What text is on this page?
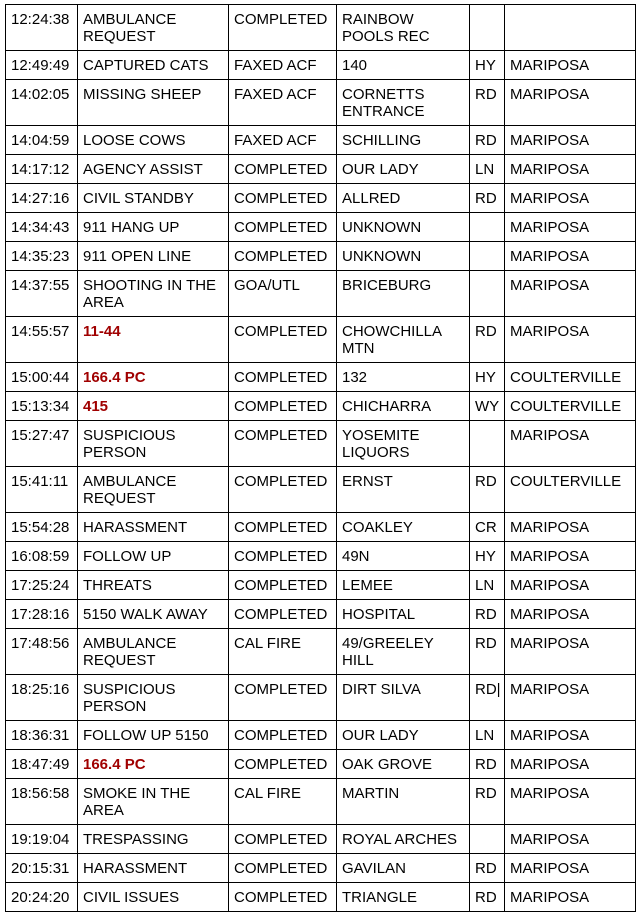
12:24:38	AMBULANCE REQUEST	COMPLETED	RAINBOW POOLS REC		
12:49:49	CAPTURED CATS	FAXED ACF	140	HY	MARIPOSA
14:02:05	MISSING SHEEP	FAXED ACF	CORNETTS ENTRANCE	RD	MARIPOSA
14:04:59	LOOSE COWS	FAXED ACF	SCHILLING	RD	MARIPOSA
14:17:12	AGENCY ASSIST	COMPLETED	OUR LADY	LN	MARIPOSA
14:27:16	CIVIL STANDBY	COMPLETED	ALLRED	RD	MARIPOSA
14:34:43	911 HANG UP	COMPLETED	UNKNOWN		MARIPOSA
14:35:23	911 OPEN LINE	COMPLETED	UNKNOWN		MARIPOSA
14:37:55	SHOOTING IN THE AREA	GOA/UTL	BRICEBURG		MARIPOSA
14:55:57	11-44	COMPLETED	CHOWCHILLA MTN	RD	MARIPOSA
15:00:44	166.4 PC	COMPLETED	132	HY	COULTERVILLE
15:13:34	415	COMPLETED	CHICHARRA	WY	COULTERVILLE
15:27:47	SUSPICIOUS PERSON	COMPLETED	YOSEMITE LIQUORS		MARIPOSA
15:41:11	AMBULANCE REQUEST	COMPLETED	ERNST	RD	COULTERVILLE
15:54:28	HARASSMENT	COMPLETED	COAKLEY	CR	MARIPOSA
16:08:59	FOLLOW UP	COMPLETED	49N	HY	MARIPOSA
17:25:24	THREATS	COMPLETED	LEMEE	LN	MARIPOSA
17:28:16	5150 WALK AWAY	COMPLETED	HOSPITAL	RD	MARIPOSA
17:48:56	AMBULANCE REQUEST	CAL FIRE	49/GREELEY HILL	RD	MARIPOSA
18:25:16	SUSPICIOUS PERSON	COMPLETED	DIRT SILVA	RD|	MARIPOSA
18:36:31	FOLLOW UP 5150	COMPLETED	OUR LADY	LN	MARIPOSA
18:47:49	166.4 PC	COMPLETED	OAK GROVE	RD	MARIPOSA
18:56:58	SMOKE IN THE AREA	CAL FIRE	MARTIN	RD	MARIPOSA
19:19:04	TRESPASSING	COMPLETED	ROYAL ARCHES		MARIPOSA
20:15:31	HARASSMENT	COMPLETED	GAVILAN	RD	MARIPOSA
20:24:20	CIVIL ISSUES	COMPLETED	TRIANGLE	RD	MARIPOSA
